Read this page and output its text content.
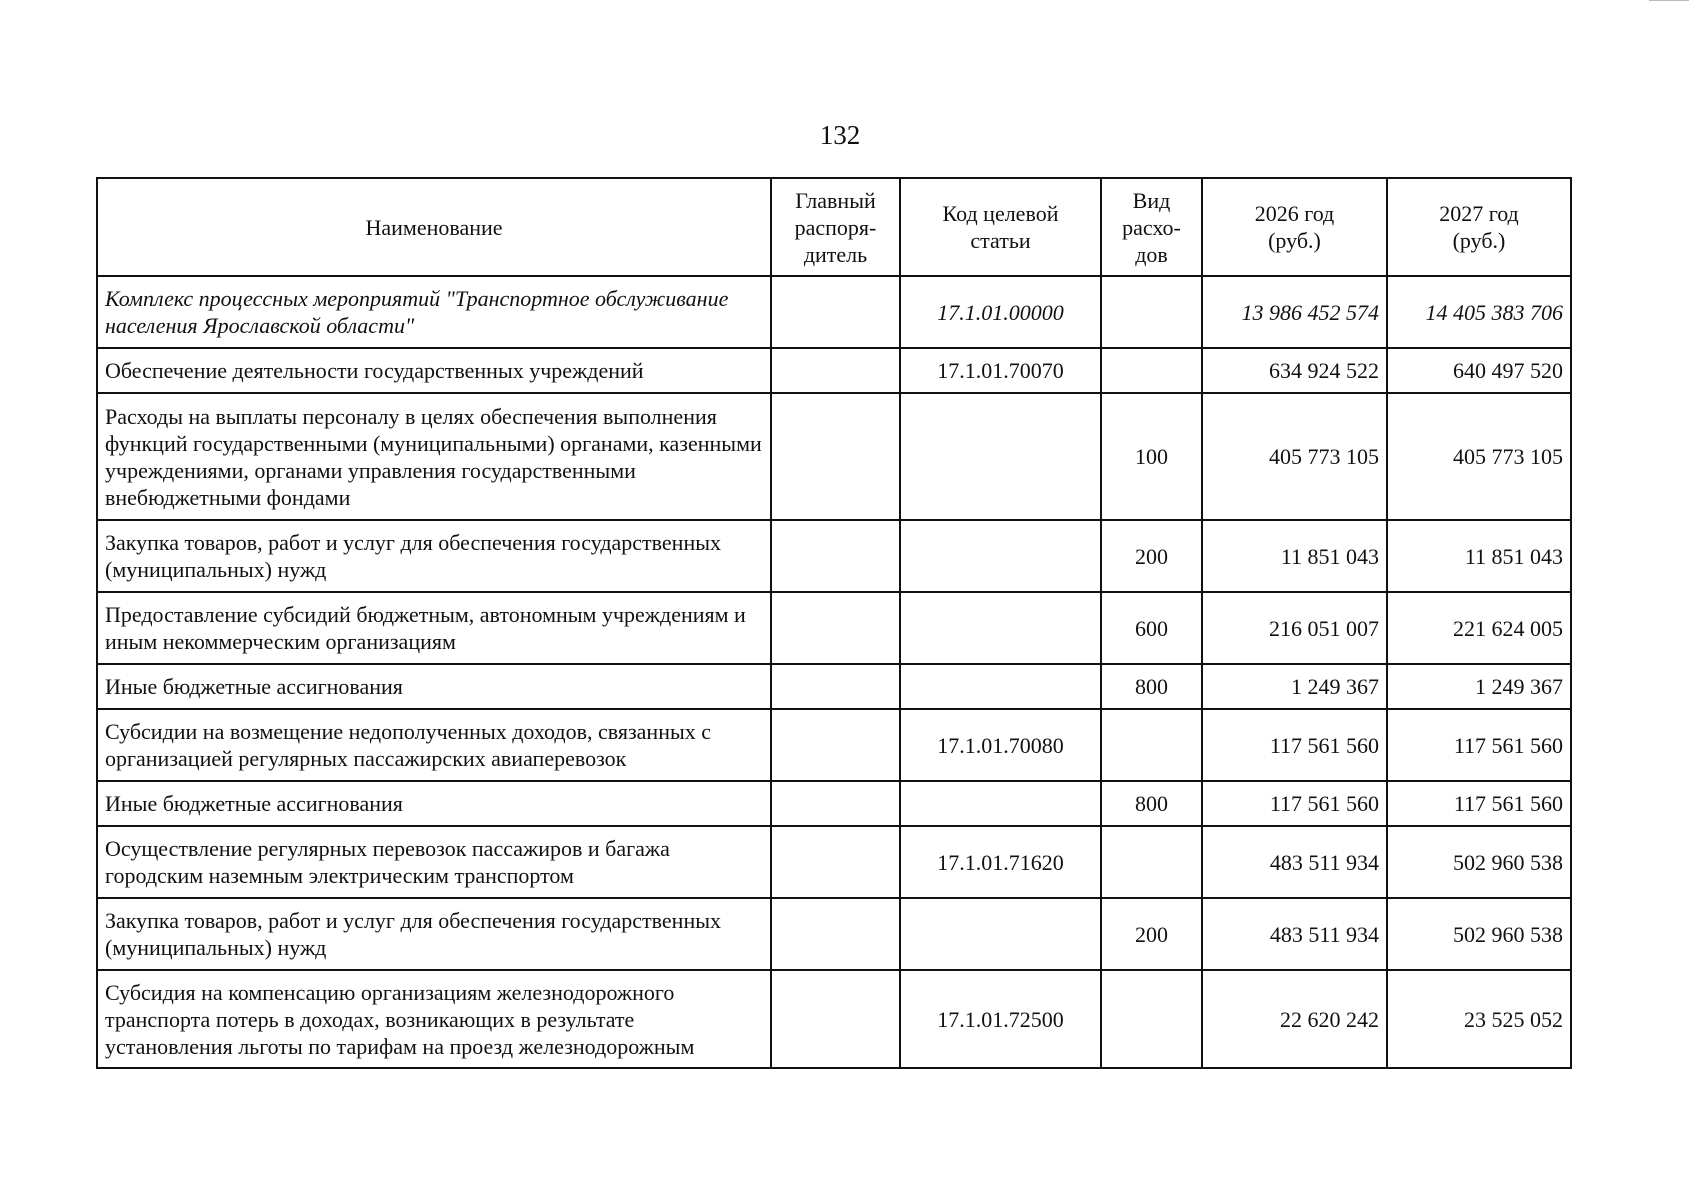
132
Наименование	Главный распоря-дитель	Код целевой статьи	Вид расхо-дов	2026 год (руб.)	2027 год (руб.)
Комплекс процессных мероприятий "Транспортное обслуживание населения Ярославской области"		17.1.01.00000		13 986 452 574	14 405 383 706
Обеспечение деятельности государственных учреждений		17.1.01.70070		634 924 522	640 497 520
Расходы на выплаты персоналу в целях обеспечения выполнения функций государственными (муниципальными) органами, казенными учреждениями, органами управления государственными внебюджетными фондами			100	405 773 105	405 773 105
Закупка товаров, работ и услуг для обеспечения государственных (муниципальных) нужд			200	11 851 043	11 851 043
Предоставление субсидий бюджетным, автономным учреждениям и иным некоммерческим организациям			600	216 051 007	221 624 005
Иные бюджетные ассигнования			800	1 249 367	1 249 367
Субсидии на возмещение недополученных доходов, связанных с организацией регулярных пассажирских авиаперевозок		17.1.01.70080		117 561 560	117 561 560
Иные бюджетные ассигнования			800	117 561 560	117 561 560
Осуществление регулярных перевозок пассажиров и багажа городским наземным электрическим транспортом		17.1.01.71620		483 511 934	502 960 538
Закупка товаров, работ и услуг для обеспечения государственных (муниципальных) нужд			200	483 511 934	502 960 538
Субсидия на компенсацию организациям железнодорожного транспорта потерь в доходах, возникающих в результате установления льготы по тарифам на проезд железнодорожным		17.1.01.72500		22 620 242	23 525 052
